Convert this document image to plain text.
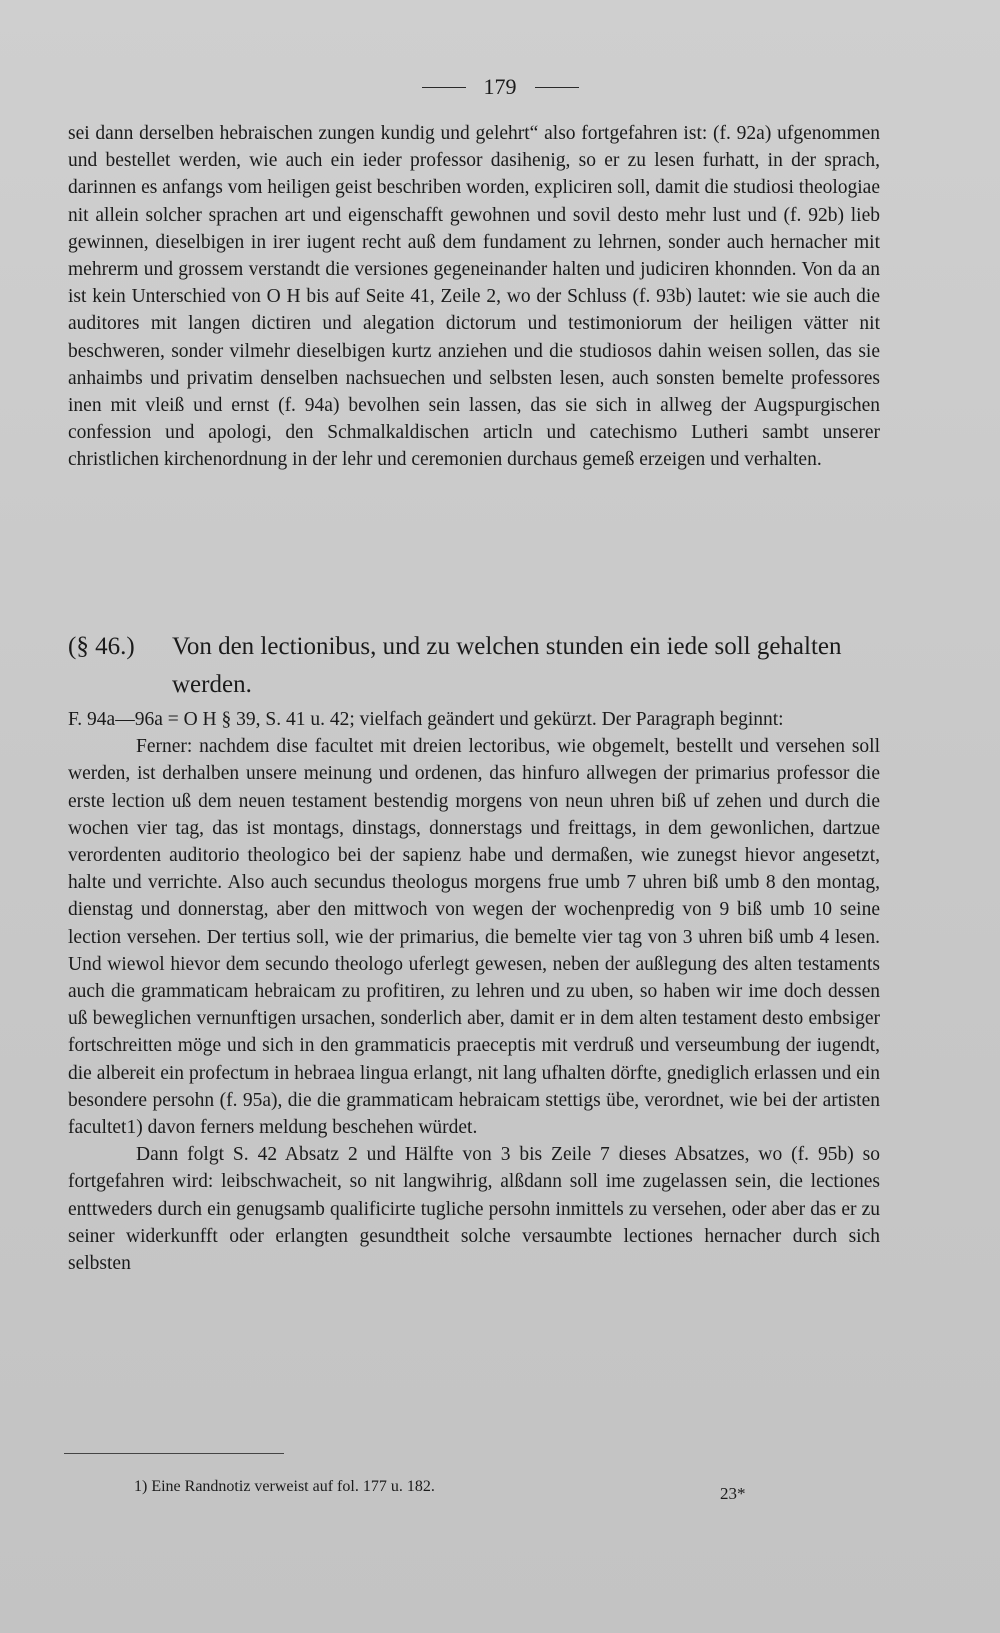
179

sei dann derselben hebraischen zungen kundig und gelehrt“ also fortgefahren ist: (f. 92a) ufgenommen und bestellet werden, wie auch ein ieder professor dasihenig, so er zu lesen furhatt, in der sprach, darinnen es anfangs vom heiligen geist beschriben worden, expliciren soll, damit die studiosi theologiae nit allein solcher sprachen art und eigenschafft gewohnen und sovil desto mehr lust und (f. 92b) lieb gewinnen, dieselbigen in irer iugent recht auß dem fundament zu lehrnen, sonder auch hernacher mit mehrerm und grossem verstandt die versiones gegeneinander halten und judiciren khonnden. Von da an ist kein Unterschied von O H bis auf Seite 41, Zeile 2, wo der Schluss (f. 93b) lautet: wie sie auch die auditores mit langen dictiren und alegation dictorum und testimoniorum der heiligen vätter nit beschweren, sonder vilmehr dieselbigen kurtz anziehen und die studiosos dahin weisen sollen, das sie anhaimbs und privatim denselben nachsuechen und selbsten lesen, auch sonsten bemelte professores inen mit vleiß und ernst (f. 94a) bevolhen sein lassen, das sie sich in allweg der Augspurgischen confession und apologi, den Schmalkaldischen articln und catechismo Lutheri sambt unserer christlichen kirchenordnung in der lehr und ceremonien durchaus gemeß erzeigen und verhalten.

(§ 46.)	Von den lectionibus, und zu welchen stunden ein iede soll gehalten werden.

F. 94a—96a = O H § 39, S. 41 u. 42; vielfach geändert und gekürzt. Der Paragraph beginnt:

Ferner: nachdem dise facultet mit dreien lectoribus, wie obgemelt, bestellt und versehen soll werden, ist derhalben unsere meinung und ordenen, das hinfuro allwegen der primarius professor die erste lection uß dem neuen testament bestendig morgens von neun uhren biß uf zehen und durch die wochen vier tag, das ist montags, dinstags, donnerstags und freittags, in dem gewonlichen, dartzue verordenten auditorio theologico bei der sapienz habe und dermaßen, wie zunegst hievor angesetzt, halte und verrichte. Also auch secundus theologus morgens frue umb 7 uhren biß umb 8 den montag, dienstag und donnerstag, aber den mittwoch von wegen der wochenpredig von 9 biß umb 10 seine lection versehen. Der tertius soll, wie der primarius, die bemelte vier tag von 3 uhren biß umb 4 lesen. Und wiewol hievor dem secundo theologo uferlegt gewesen, neben der außlegung des alten testaments auch die grammaticam hebraicam zu profitiren, zu lehren und zu uben, so haben wir ime doch dessen uß beweglichen vernunftigen ursachen, sonderlich aber, damit er in dem alten testament desto embsiger fortschreitten möge und sich in den grammaticis praeceptis mit verdruß und verseumbung der iugendt, die albereit ein profectum in hebraea lingua erlangt, nit lang ufhalten dörfte, gnediglich erlassen und ein besondere persohn (f. 95a), die die grammaticam hebraicam stettigs übe, verordnet, wie bei der artisten facultet1) davon ferners meldung beschehen würdet.

Dann folgt S. 42 Absatz 2 und Hälfte von 3 bis Zeile 7 dieses Absatzes, wo (f. 95b) so fortgefahren wird: leibschwacheit, so nit langwihrig, alßdann soll ime zugelassen sein, die lectiones enttweders durch ein genugsamb qualificirte tugliche persohn inmittels zu versehen, oder aber das er zu seiner widerkunfft oder erlangten gesundtheit solche versaumbte lectiones hernacher durch sich selbsten

1) Eine Randnotiz verweist auf fol. 177 u. 182.	23*
